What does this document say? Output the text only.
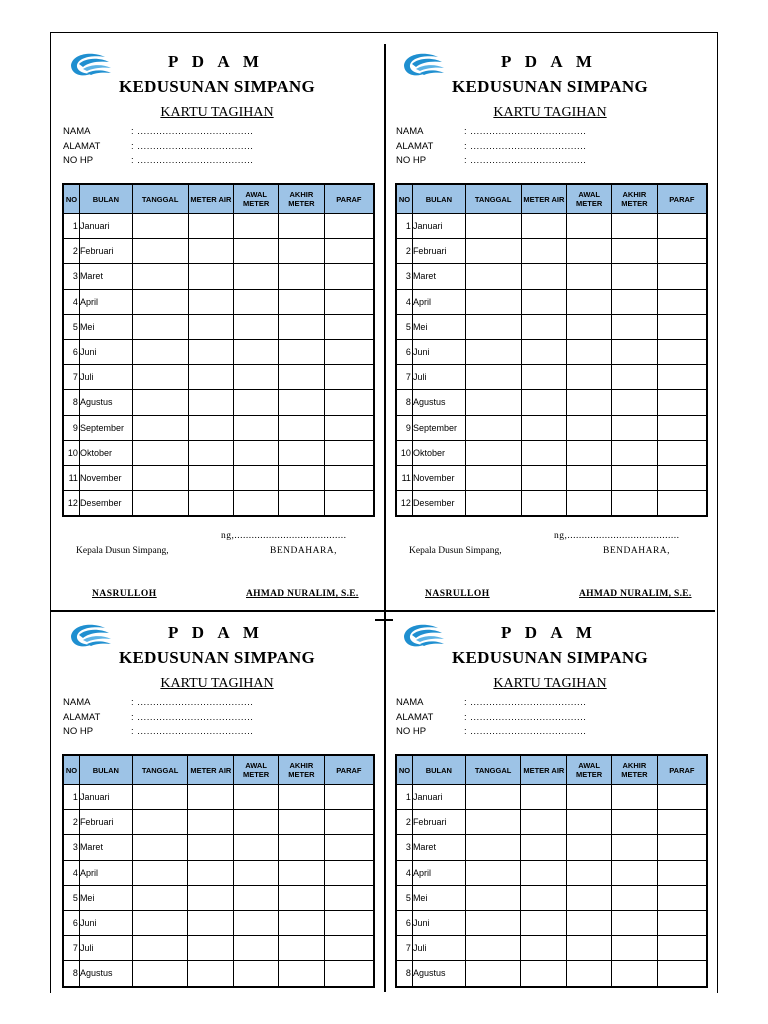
P D A M
KEDUSUNAN SIMPANG
KARTU TAGIHAN
NAMA	: .....................................
ALAMAT	: .....................................
NO HP	: .....................................
NO	BULAN	TANGGAL	METER AIR	AWAL METER	AKHIR METER	PARAF
1	Januari					
2	Februari					
3	Maret					
4	April					
5	Mei					
6	Juni					
7	Juli					
8	Agustus					
9	September					
10	Oktober					
11	November					
12	Desember					
ng,.......................................
Kepala Dusun Simpang,	BENDAHARA,
NASRULLOH	AHMAD NURALIM, S.E.
P D A M
KEDUSUNAN SIMPANG
KARTU TAGIHAN
NAMA	: .....................................
ALAMAT	: .....................................
NO HP	: .....................................
NO	BULAN	TANGGAL	METER AIR	AWAL METER	AKHIR METER	PARAF
1	Januari					
2	Februari					
3	Maret					
4	April					
5	Mei					
6	Juni					
7	Juli					
8	Agustus					
9	September					
10	Oktober					
11	November					
12	Desember					
ng,.......................................
Kepala Dusun Simpang,	BENDAHARA,
NASRULLOH	AHMAD NURALIM, S.E.
P D A M
KEDUSUNAN SIMPANG
KARTU TAGIHAN
NAMA	: .....................................
ALAMAT	: .....................................
NO HP	: .....................................
NO	BULAN	TANGGAL	METER AIR	AWAL METER	AKHIR METER	PARAF
1	Januari					
2	Februari					
3	Maret					
4	April					
5	Mei					
6	Juni					
7	Juli					
8	Agustus					
P D A M
KEDUSUNAN SIMPANG
KARTU TAGIHAN
NAMA	: .....................................
ALAMAT	: .....................................
NO HP	: .....................................
NO	BULAN	TANGGAL	METER AIR	AWAL METER	AKHIR METER	PARAF
1	Januari					
2	Februari					
3	Maret					
4	April					
5	Mei					
6	Juni					
7	Juli					
8	Agustus					
